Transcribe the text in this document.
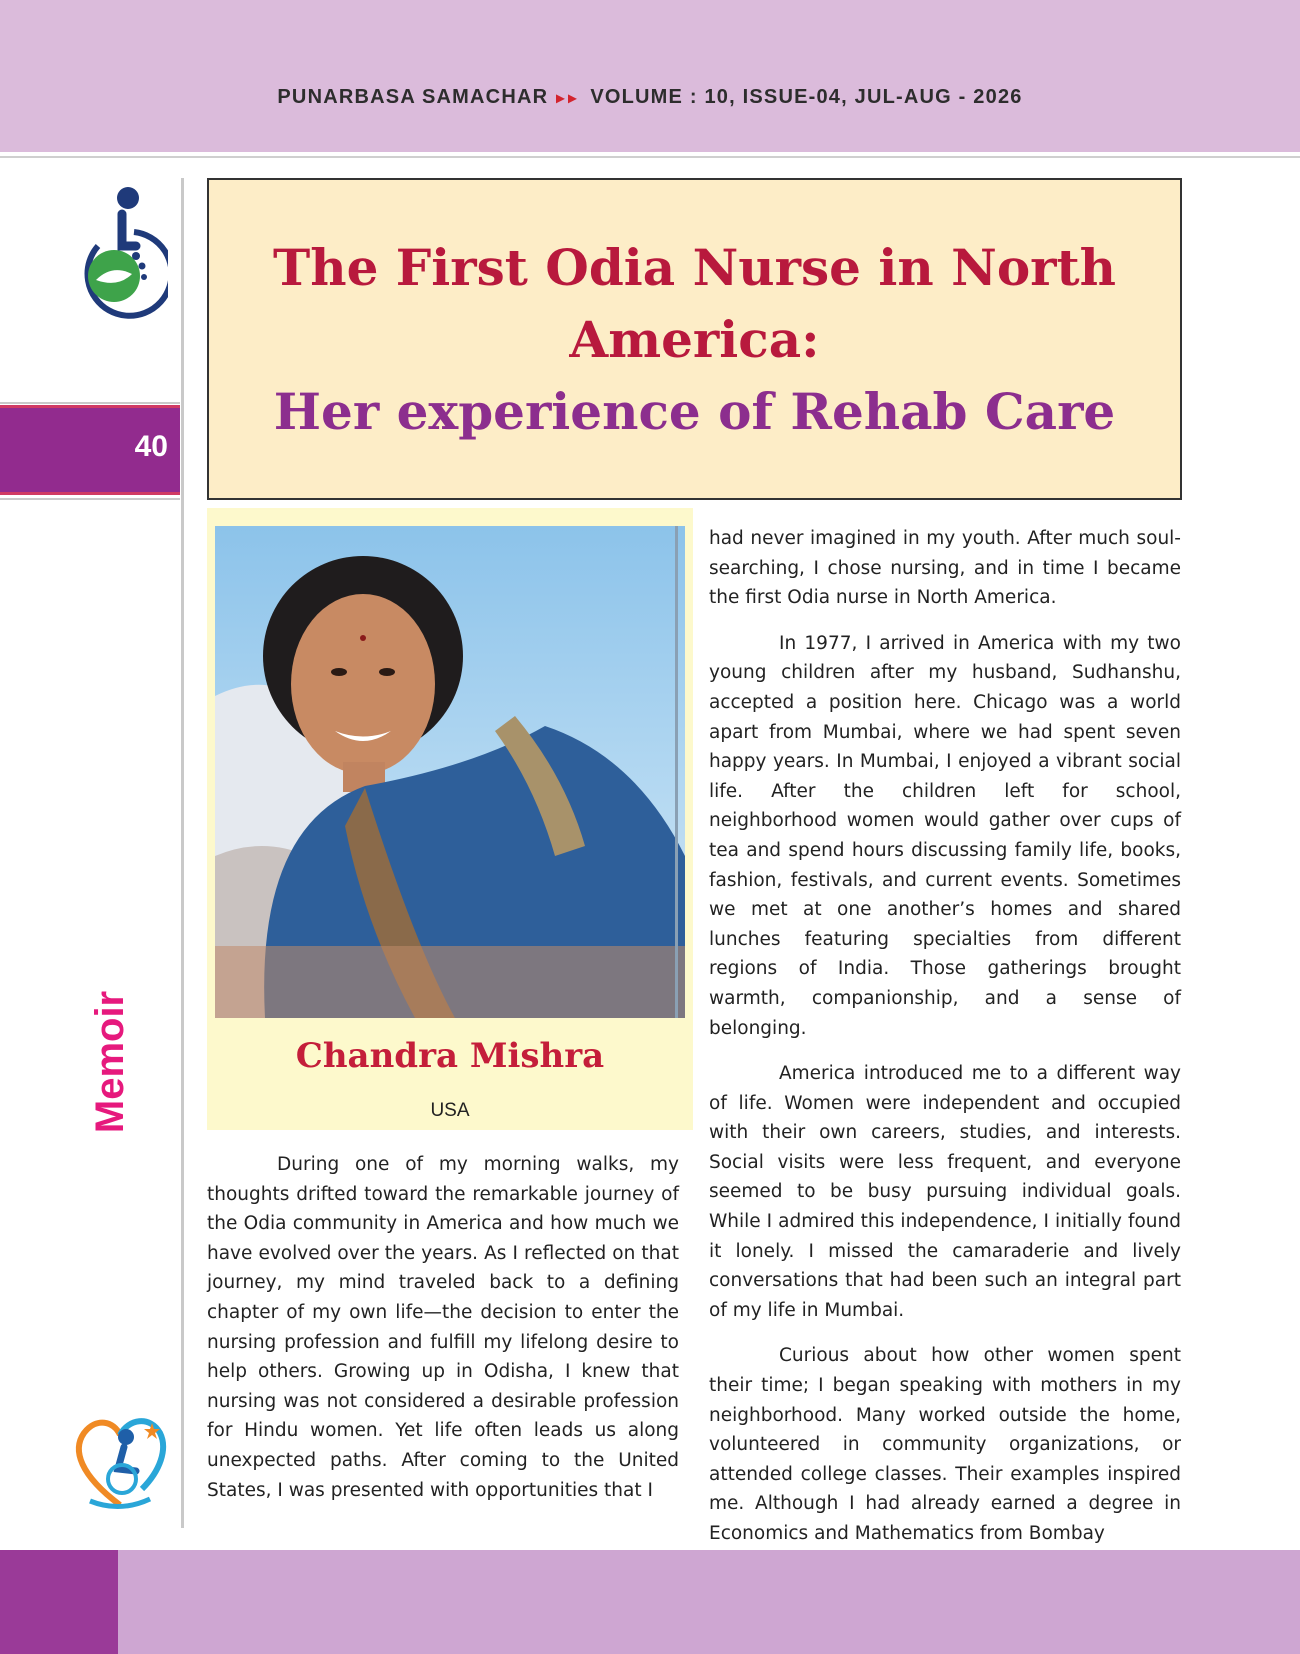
PUNARBASA SAMACHAR ▸▸ VOLUME : 10, ISSUE-04, JUL-AUG - 2026
40
Memoir
The First Odia Nurse in North America:
Her experience of Rehab Care
Chandra Mishra
USA

During one of my morning walks, my thoughts drifted toward the remarkable journey of the Odia community in America and how much we have evolved over the years. As I reflected on that journey, my mind traveled back to a defining chapter of my own life—the decision to enter the nursing profession and fulfill my lifelong desire to help others. Growing up in Odisha, I knew that nursing was not considered a desirable profession for Hindu women. Yet life often leads us along unexpected paths. After coming to the United States, I was presented with opportunities that I

had never imagined in my youth. After much soul-searching, I chose nursing, and in time I became the first Odia nurse in North America.

In 1977, I arrived in America with my two young children after my husband, Sudhanshu, accepted a position here. Chicago was a world apart from Mumbai, where we had spent seven happy years. In Mumbai, I enjoyed a vibrant social life. After the children left for school, neighborhood women would gather over cups of tea and spend hours discussing family life, books, fashion, festivals, and current events. Sometimes we met at one another’s homes and shared lunches featuring specialties from different regions of India. Those gatherings brought warmth, companionship, and a sense of belonging.

America introduced me to a different way of life. Women were independent and occupied with their own careers, studies, and interests. Social visits were less frequent, and everyone seemed to be busy pursuing individual goals. While I admired this independence, I initially found it lonely. I missed the camaraderie and lively conversations that had been such an integral part of my life in Mumbai.

Curious about how other women spent their time; I began speaking with mothers in my neighborhood. Many worked outside the home, volunteered in community organizations, or attended college classes. Their examples inspired me. Although I had already earned a degree in Economics and Mathematics from Bombay
